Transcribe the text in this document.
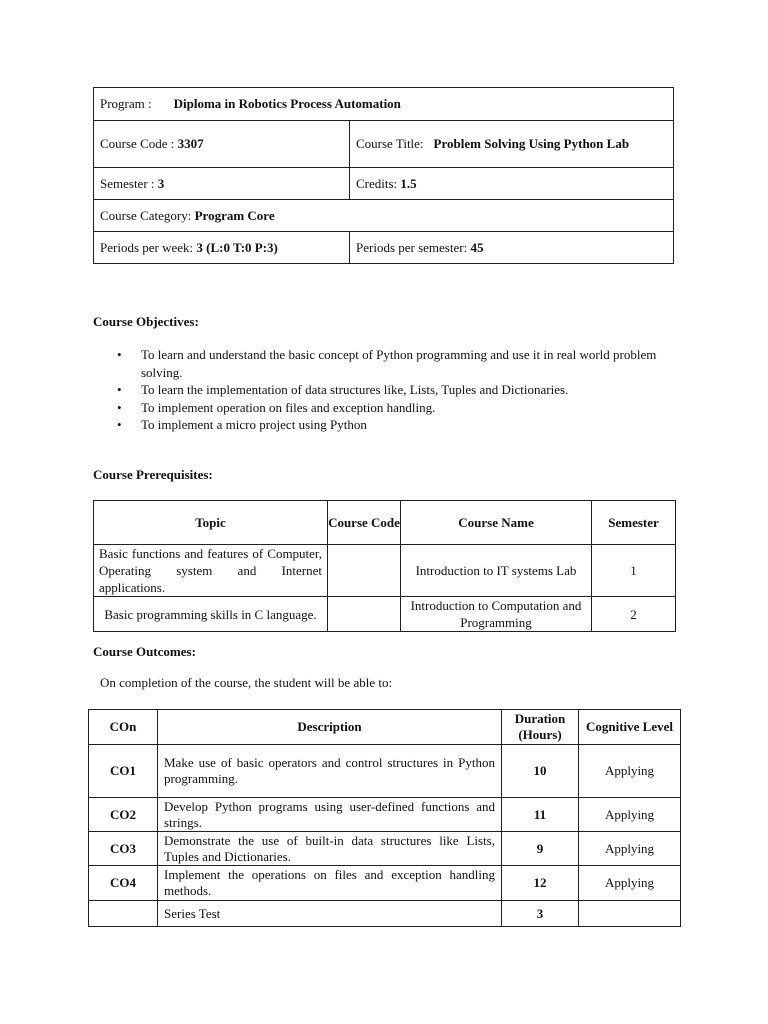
Program : Diploma in Robotics Process Automation	
Course Code : 3307	Course Title: Problem Solving Using Python Lab

Semester : 3	Credits: 1.5
Course Category: Program Core	
Periods per week: 3 (L:0 T:0 P:3)	Periods per semester: 45
Course Objectives:
• To learn and understand the basic concept of Python programming and use it in real world problem solving.
• To learn the implementation of data structures like, Lists, Tuples and Dictionaries.
• To implement operation on files and exception handling.
• To implement a micro project using Python
Course Prerequisites:
Topic	Course Code	Course Name	Semester
Basic functions and features of Computer, Operating system and Internet applications.		Introduction to IT systems Lab	1
Basic programming skills in C language.		Introduction to Computation and Programming	2
Course Outcomes:
On completion of the course, the student will be able to:
COn	Description	Duration (Hours)	Cognitive Level
CO1	Make use of basic operators and control structures in Python programming.	10	Applying
CO2	Develop Python programs using user-defined functions and strings.	11	Applying
CO3	Demonstrate the use of built-in data structures like Lists, Tuples and Dictionaries.	9	Applying
CO4	Implement the operations on files and exception handling methods.	12	Applying
	Series Test	3	
